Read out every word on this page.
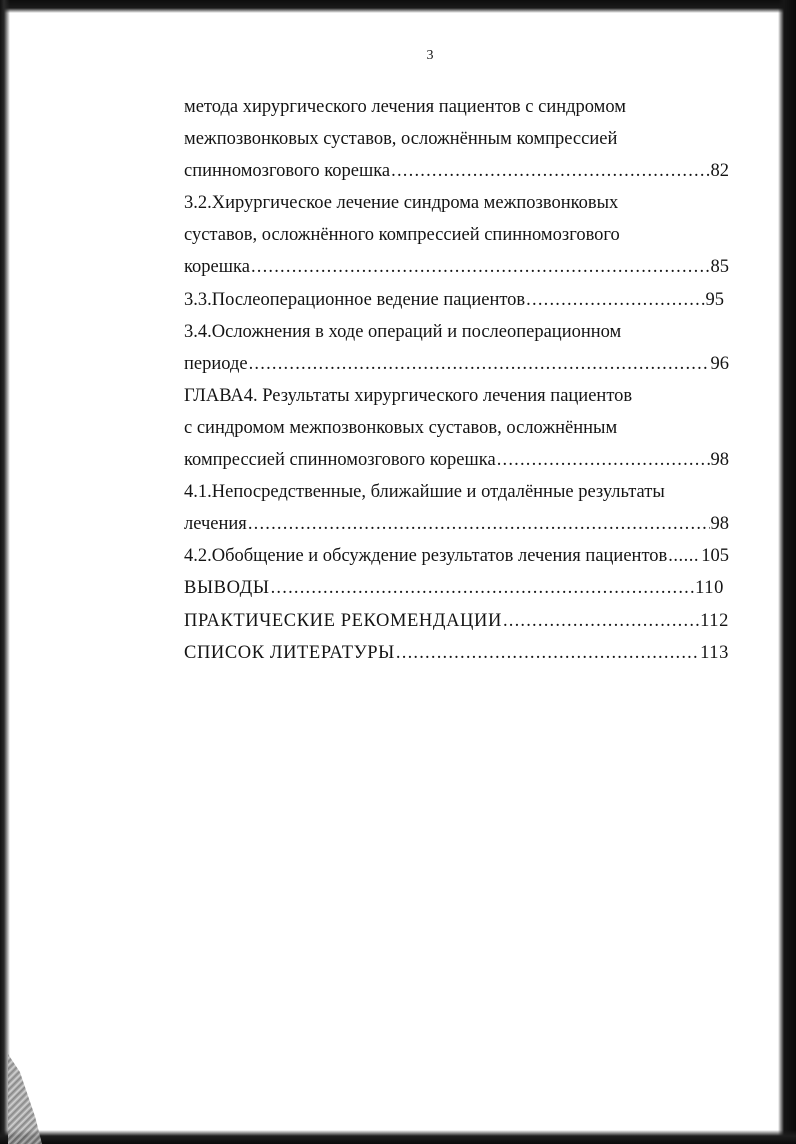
3
метода хирургического лечения пациентов с синдромом
межпозвонковых суставов, осложнённым компрессией
спинномозгового корешка .....	82
3.2.Хирургическое лечение синдрома межпозвонковых
суставов, осложнённого компрессией спинномозгового
корешка .....	85
3.3.Послеоперационное ведение пациентов .....	95
3.4.Осложнения в ходе операций и послеоперационном
периоде .....	96
ГЛАВА4. Результаты хирургического лечения пациентов
с синдромом межпозвонковых суставов, осложнённым
компрессией спинномозгового корешка .....	98
4.1.Непосредственные, ближайшие и отдалённые результаты
лечения .....	98
4.2.Обобщение и обсуждение результатов лечения пациентов ..... 105
ВЫВОДЫ .....	110
ПРАКТИЧЕСКИЕ РЕКОМЕНДАЦИИ .....	112
СПИСОК ЛИТЕРАТУРЫ .....	113
